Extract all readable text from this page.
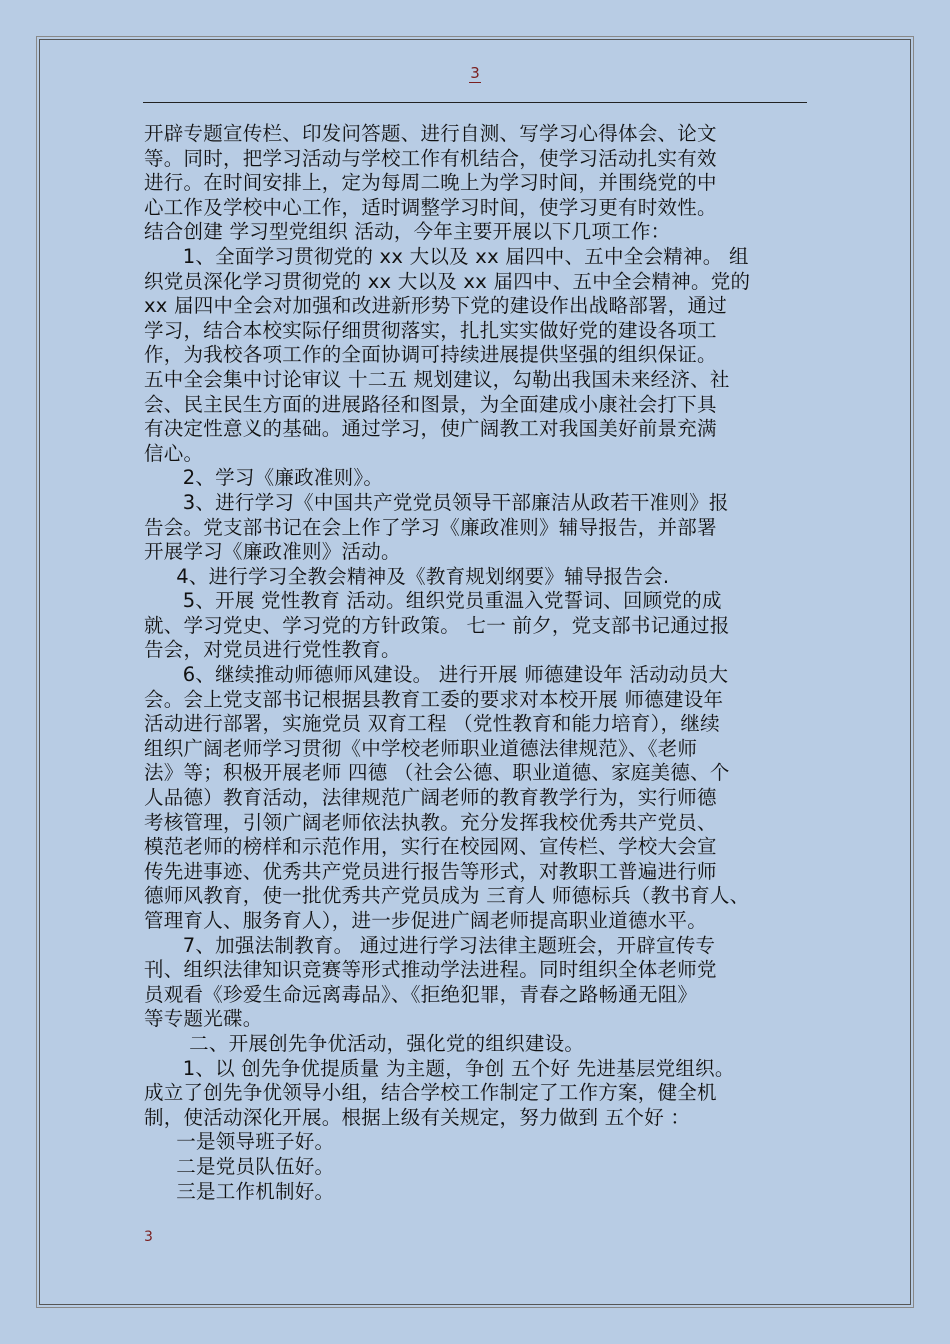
3
开辟专题宣传栏、印发问答题、进行自测、写学习心得体会、论文
等。同时，把学习活动与学校工作有机结合，使学习活动扎实有效
进行。在时间安排上，定为每周二晚上为学习时间，并围绕党的中
心工作及学校中心工作，适时调整学习时间，使学习更有时效性。
结合创建 学习型党组织 活动，今年主要开展以下几项工作：
1、全面学习贯彻党的 xx 大以及 xx 届四中、五中全会精神。 组
织党员深化学习贯彻党的 xx 大以及 xx 届四中、五中全会精神。党的
xx 届四中全会对加强和改进新形势下党的建设作出战略部署，通过
学习，结合本校实际仔细贯彻落实，扎扎实实做好党的建设各项工
作，为我校各项工作的全面协调可持续进展提供坚强的组织保证。
五中全会集中讨论审议 十二五 规划建议，勾勒出我国未来经济、社
会、民主民生方面的进展路径和图景，为全面建成小康社会打下具
有决定性意义的基础。通过学习，使广阔教工对我国美好前景充满
信心。
2、学习《廉政准则》。
3、进行学习《中国共产党党员领导干部廉洁从政若干准则》报
告会。党支部书记在会上作了学习《廉政准则》辅导报告，并部署
开展学习《廉政准则》活动。
4、进行学习全教会精神及《教育规划纲要》辅导报告会.
5、开展 党性教育 活动。组织党员重温入党誓词、回顾党的成
就、学习党史、学习党的方针政策。 七一 前夕，党支部书记通过报
告会，对党员进行党性教育。
6、继续推动师德师风建设。 进行开展 师德建设年 活动动员大
会。会上党支部书记根据县教育工委的要求对本校开展 师德建设年
活动进行部署，实施党员 双育工程 （党性教育和能力培育），继续
组织广阔老师学习贯彻《中学校老师职业道德法律规范》、《老师
法》等；积极开展老师 四德 （社会公德、职业道德、家庭美德、个
人品德）教育活动，法律规范广阔老师的教育教学行为，实行师德
考核管理，引领广阔老师依法执教。充分发挥我校优秀共产党员、
模范老师的榜样和示范作用，实行在校园网、宣传栏、学校大会宣
传先进事迹、优秀共产党员进行报告等形式，对教职工普遍进行师
德师风教育，使一批优秀共产党员成为 三育人 师德标兵（教书育人、
管理育人、服务育人），进一步促进广阔老师提高职业道德水平。
7、加强法制教育。 通过进行学习法律主题班会，开辟宣传专
刊、组织法律知识竞赛等形式推动学法进程。同时组织全体老师党
员观看《珍爱生命远离毒品》、《拒绝犯罪，青春之路畅通无阻》
等专题光碟。
二、开展创先争优活动，强化党的组织建设。
1、以 创先争优提质量 为主题，争创 五个好 先进基层党组织。
成立了创先争优领导小组，结合学校工作制定了工作方案，健全机
制，使活动深化开展。根据上级有关规定，努力做到 五个好 ：
一是领导班子好。
二是党员队伍好。
三是工作机制好。
3
